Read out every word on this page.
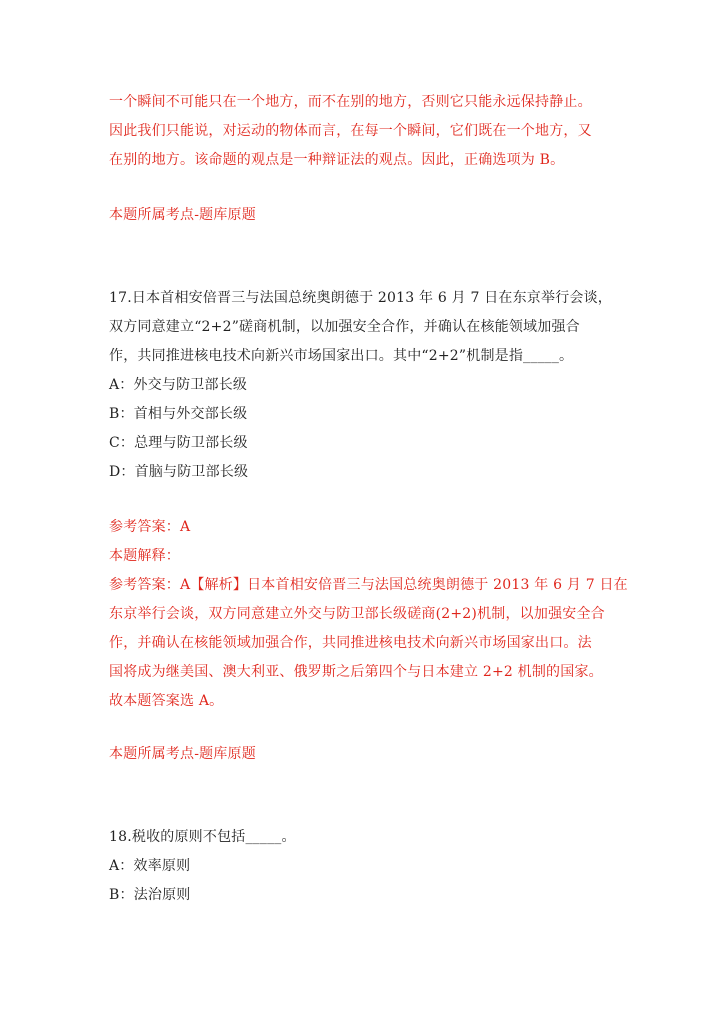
一个瞬间不可能只在一个地方，而不在别的地方，否则它只能永远保持静止。
因此我们只能说，对运动的物体而言，在每一个瞬间，它们既在一个地方，又
在别的地方。该命题的观点是一种辩证法的观点。因此，正确选项为 B。
本题所属考点-题库原题
17.日本首相安倍晋三与法国总统奥朗德于 2013 年 6 月 7 日在东京举行会谈，
双方同意建立“2+2”磋商机制，以加强安全合作，并确认在核能领域加强合
作，共同推进核电技术向新兴市场国家出口。其中“2+2”机制是指_____。
A：外交与防卫部长级
B：首相与外交部长级
C：总理与防卫部长级
D：首脑与防卫部长级
参考答案：A
本题解释：
参考答案：A【解析】日本首相安倍晋三与法国总统奥朗德于 2013 年 6 月 7 日在
东京举行会谈，双方同意建立外交与防卫部长级磋商(2+2)机制，以加强安全合
作，并确认在核能领域加强合作，共同推进核电技术向新兴市场国家出口。法
国将成为继美国、澳大利亚、俄罗斯之后第四个与日本建立 2+2 机制的国家。
故本题答案选 A。
本题所属考点-题库原题
18.税收的原则不包括_____。
A：效率原则
B：法治原则
